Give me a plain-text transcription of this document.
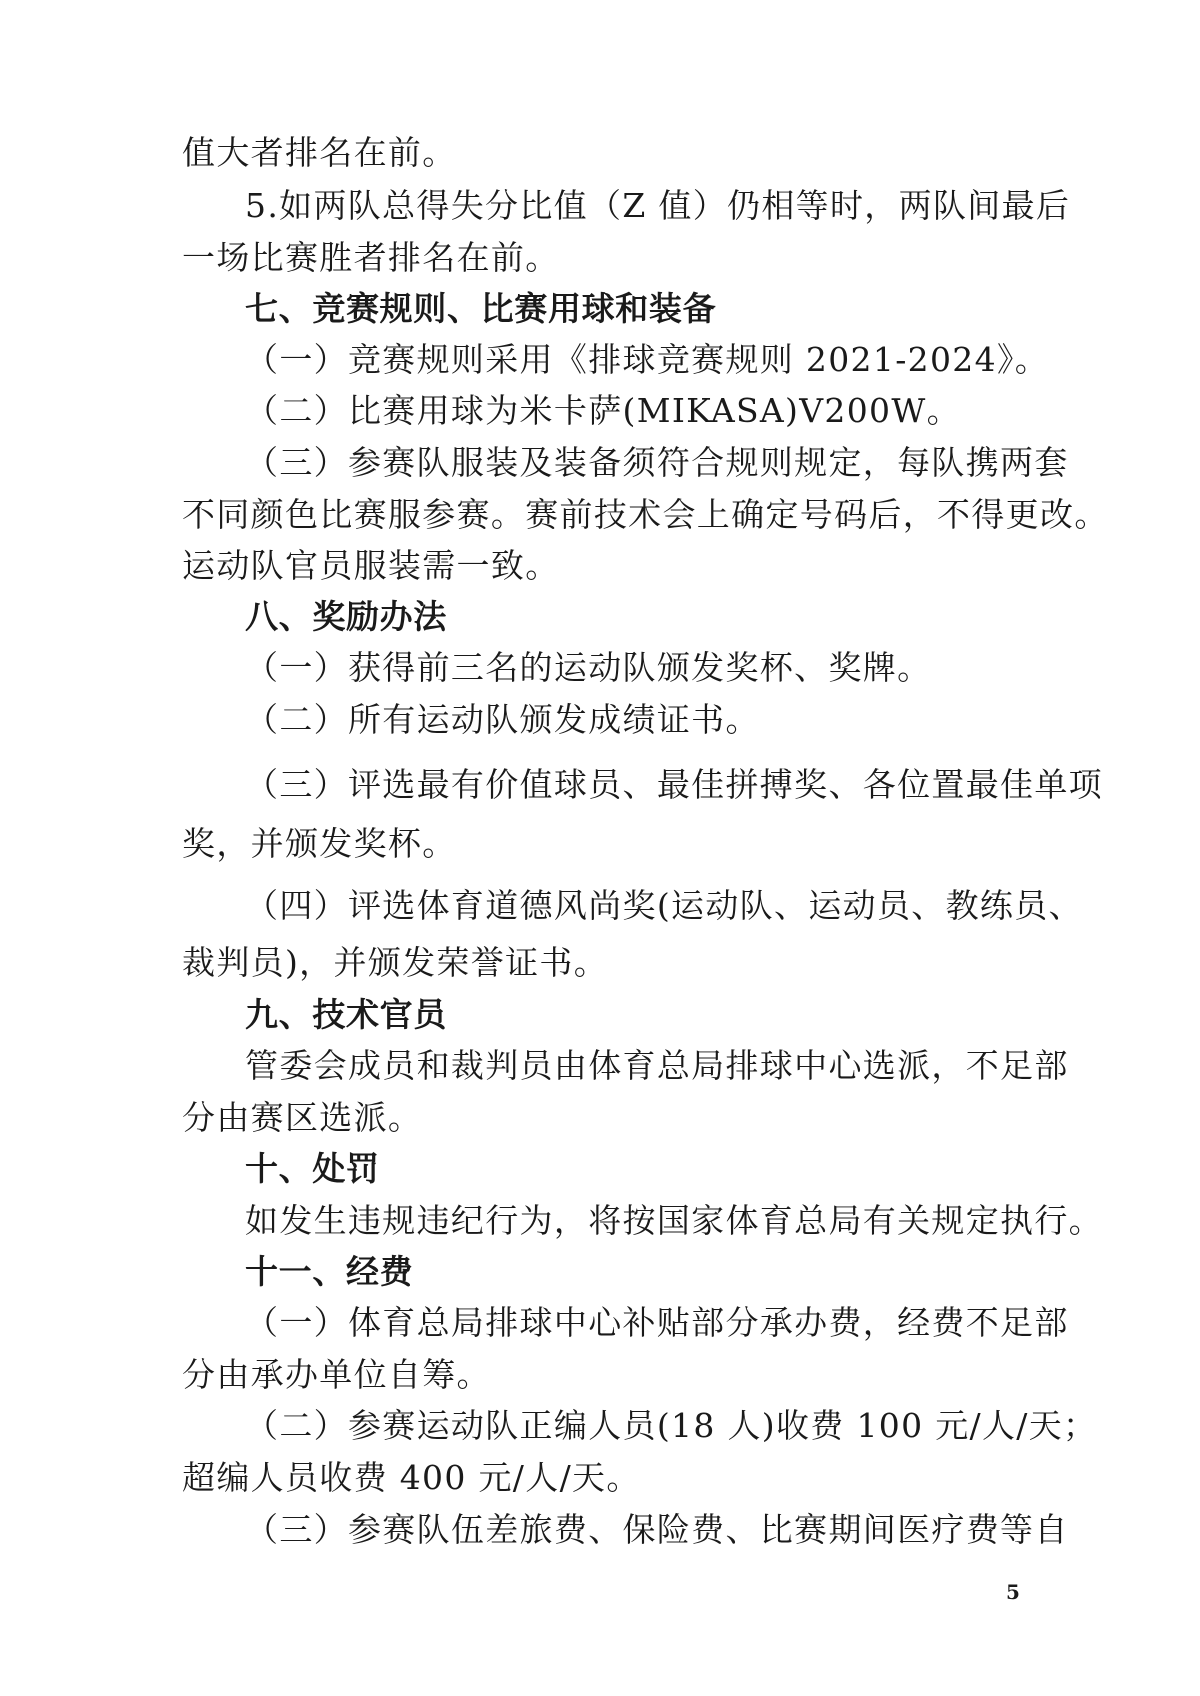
值大者排名在前。
5.如两队总得失分比值（Z 值）仍相等时，两队间最后
一场比赛胜者排名在前。
七、竞赛规则、比赛用球和装备
（一）竞赛规则采用《排球竞赛规则 2021-2024》。
（二）比赛用球为米卡萨(MIKASA)V200W。
（三）参赛队服装及装备须符合规则规定，每队携两套
不同颜色比赛服参赛。赛前技术会上确定号码后，不得更改。
运动队官员服装需一致。
八、奖励办法
（一）获得前三名的运动队颁发奖杯、奖牌。
（二）所有运动队颁发成绩证书。
（三）评选最有价值球员、最佳拼搏奖、各位置最佳单项
奖，并颁发奖杯。
（四）评选体育道德风尚奖(运动队、运动员、教练员、
裁判员)，并颁发荣誉证书。
九、技术官员
管委会成员和裁判员由体育总局排球中心选派，不足部
分由赛区选派。
十、处罚
如发生违规违纪行为，将按国家体育总局有关规定执行。
十一、经费
（一）体育总局排球中心补贴部分承办费，经费不足部
分由承办单位自筹。
（二）参赛运动队正编人员(18 人)收费 100 元/人/天；
超编人员收费 400 元/人/天。
（三）参赛队伍差旅费、保险费、比赛期间医疗费等自
5
